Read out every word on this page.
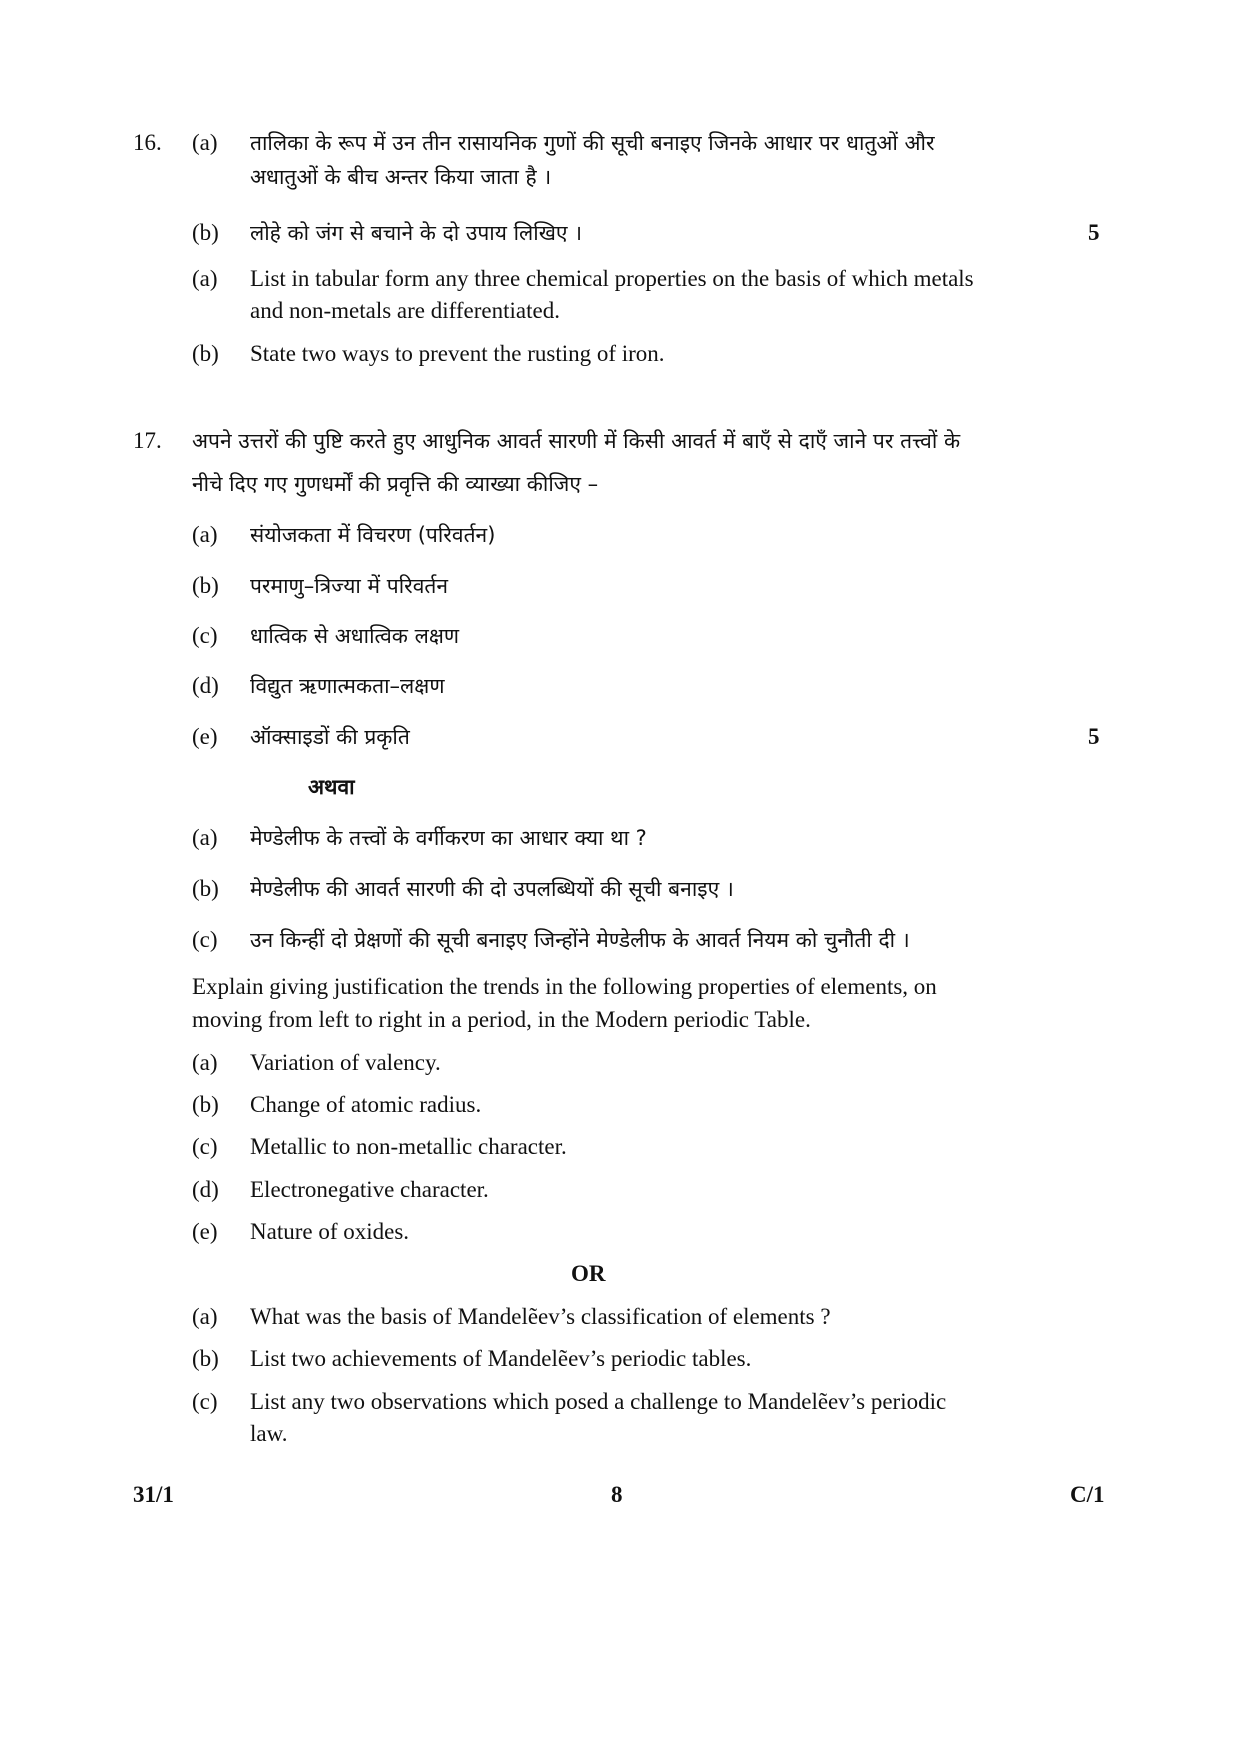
16. (a) तालिका के रूप में उन तीन रासायनिक गुणों की सूची बनाइए जिनके आधार पर धातुओं और
अधातुओं के बीच अन्तर किया जाता है ।
(b) लोहे को जंग से बचाने के दो उपाय लिखिए ।	5
(a) List in tabular form any three chemical properties on the basis of which metals
and non-metals are differentiated.
(b) State two ways to prevent the rusting of iron.
17. अपने उत्तरों की पुष्टि करते हुए आधुनिक आवर्त सारणी में किसी आवर्त में बाएँ से दाएँ जाने पर तत्त्वों के
नीचे दिए गए गुणधर्मों की प्रवृत्ति की व्याख्या कीजिए –
(a) संयोजकता में विचरण (परिवर्तन)
(b) परमाणु–त्रिज्या में परिवर्तन
(c) धात्विक से अधात्विक लक्षण
(d) विद्युत ऋणात्मकता–लक्षण
(e) ऑक्साइडों की प्रकृति	5
अथवा
(a) मेण्डेलीफ के तत्त्वों के वर्गीकरण का आधार क्या था ?
(b) मेण्डेलीफ की आवर्त सारणी की दो उपलब्धियों की सूची बनाइए ।
(c) उन किन्हीं दो प्रेक्षणों की सूची बनाइए जिन्होंने मेण्डेलीफ के आवर्त नियम को चुनौती दी ।
Explain giving justification the trends in the following properties of elements, on
moving from left to right in a period, in the Modern periodic Table.
(a) Variation of valency.
(b) Change of atomic radius.
(c) Metallic to non-metallic character.
(d) Electronegative character.
(e) Nature of oxides.
OR
(a) What was the basis of Mandelẽev’s classification of elements ?
(b) List two achievements of Mandelẽev’s periodic tables.
(c) List any two observations which posed a challenge to Mandelẽev’s periodic
law.
31/1	8	C/1
